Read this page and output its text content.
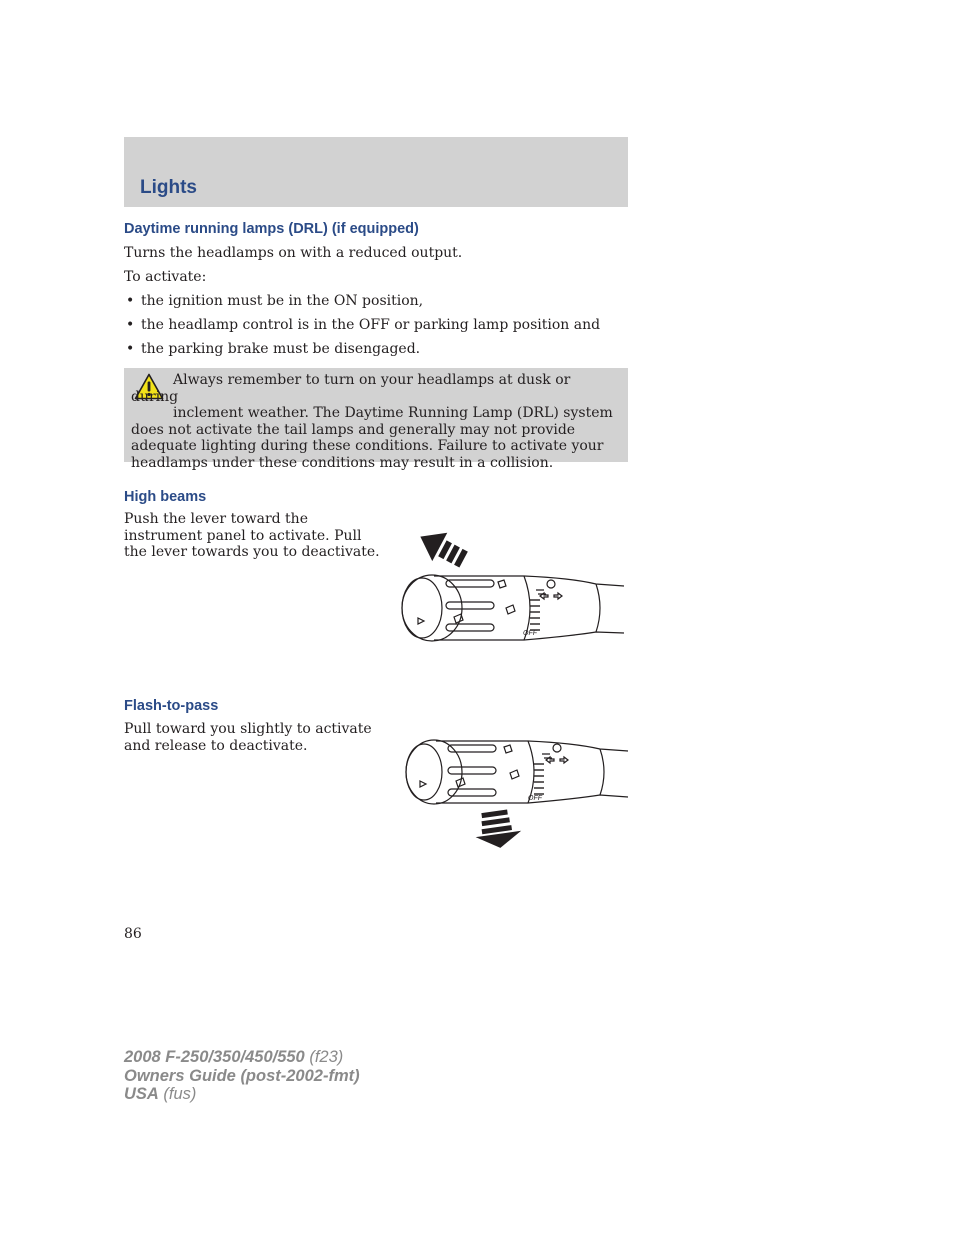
Lights
Daytime running lamps (DRL) (if equipped)

Turns the headlamps on with a reduced output.

To activate:

• the ignition must be in the ON position,
• the headlamp control is in the OFF or parking lamp position and
• the parking brake must be disengaged.

Always remember to turn on your headlamps at dusk or during
inclement weather. The Daytime Running Lamp (DRL) system
does not activate the tail lamps and generally may not provide
adequate lighting during these conditions. Failure to activate your
headlamps under these conditions may result in a collision.

High beams

Push the lever toward the
instrument panel to activate. Pull
the lever towards you to deactivate.

OFF
Flash-to-pass

Pull toward you slightly to activate
and release to deactivate.

OFF

86

2008 F-250/350/450/550 (f23)
Owners Guide (post-2002-fmt)
USA (fus)
